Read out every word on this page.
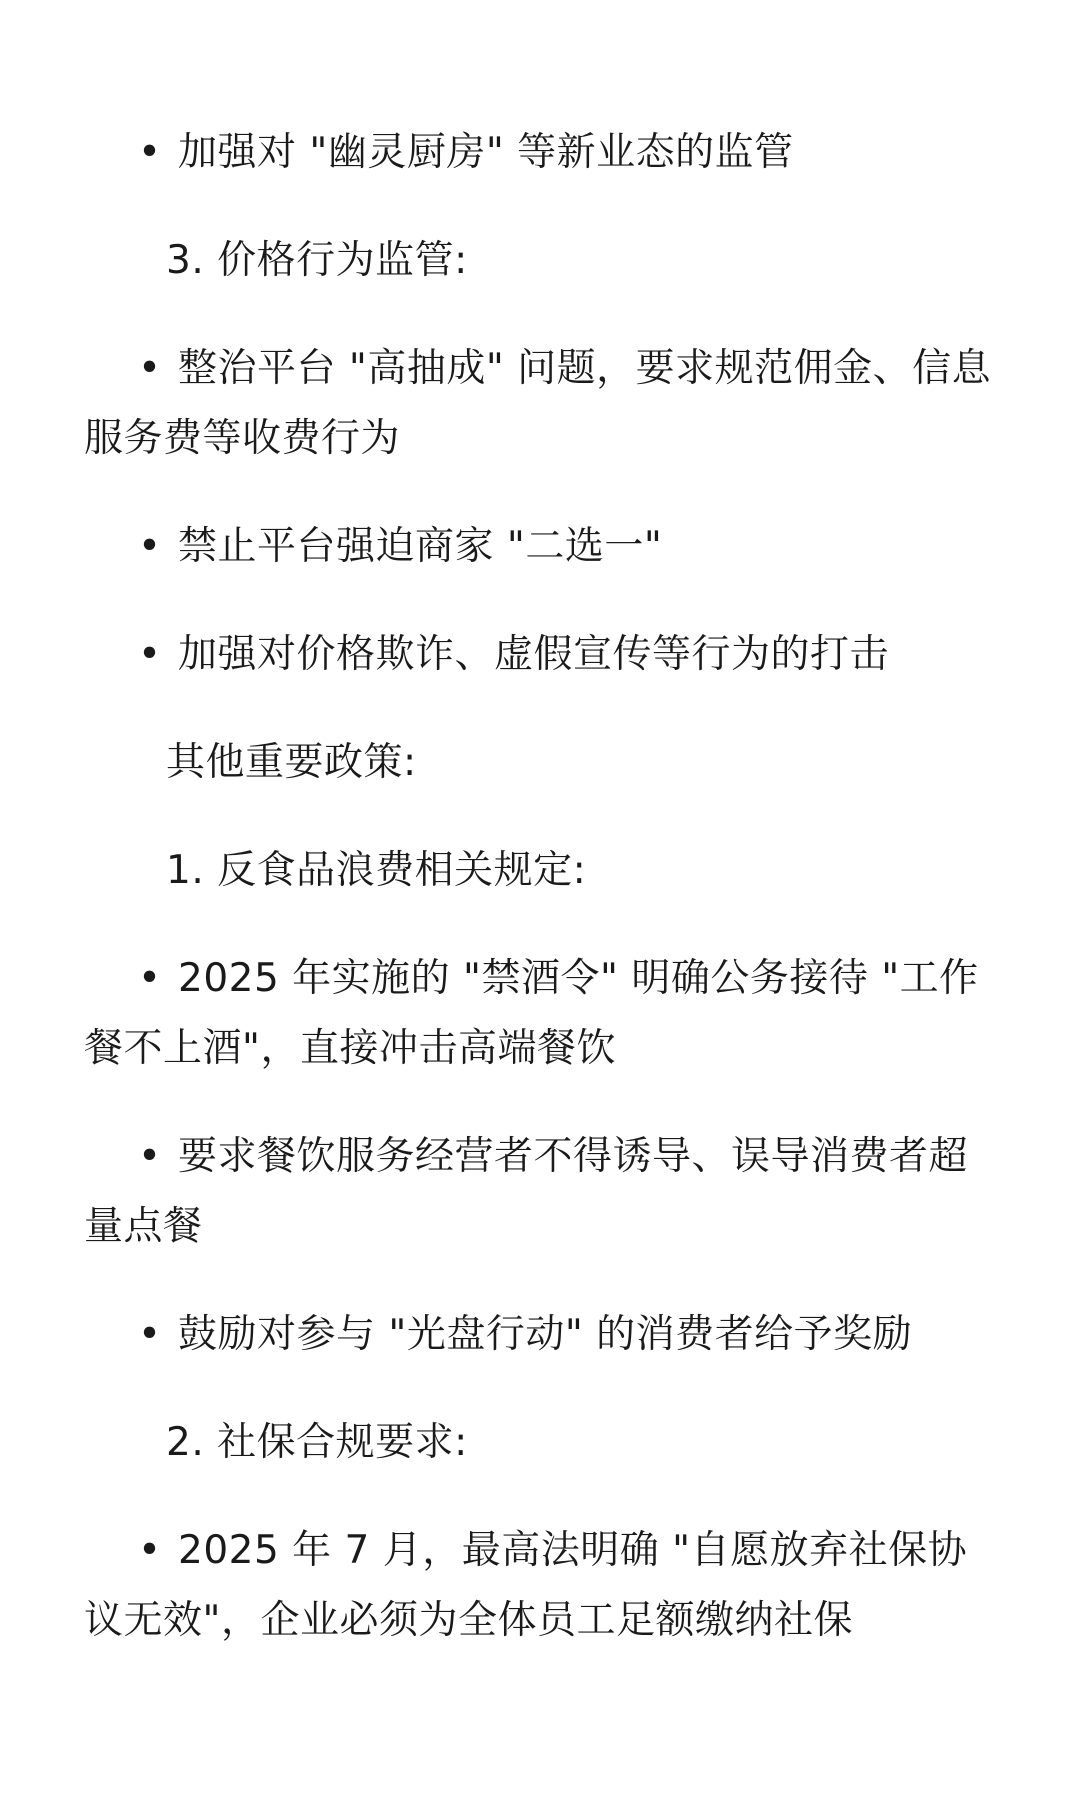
• 加强对 "幽灵厨房" 等新业态的监管

3. 价格行为监管:

• 整治平台 "高抽成" 问题，要求规范佣金、信息服务费等收费行为

• 禁止平台强迫商家 "二选一"

• 加强对价格欺诈、虚假宣传等行为的打击

其他重要政策:

1. 反食品浪费相关规定:

• 2025 年实施的 "禁酒令" 明确公务接待 "工作餐不上酒"，直接冲击高端餐饮

• 要求餐饮服务经营者不得诱导、误导消费者超量点餐

• 鼓励对参与 "光盘行动" 的消费者给予奖励

2. 社保合规要求:

• 2025 年 7 月，最高法明确 "自愿放弃社保协议无效"，企业必须为全体员工足额缴纳社保
